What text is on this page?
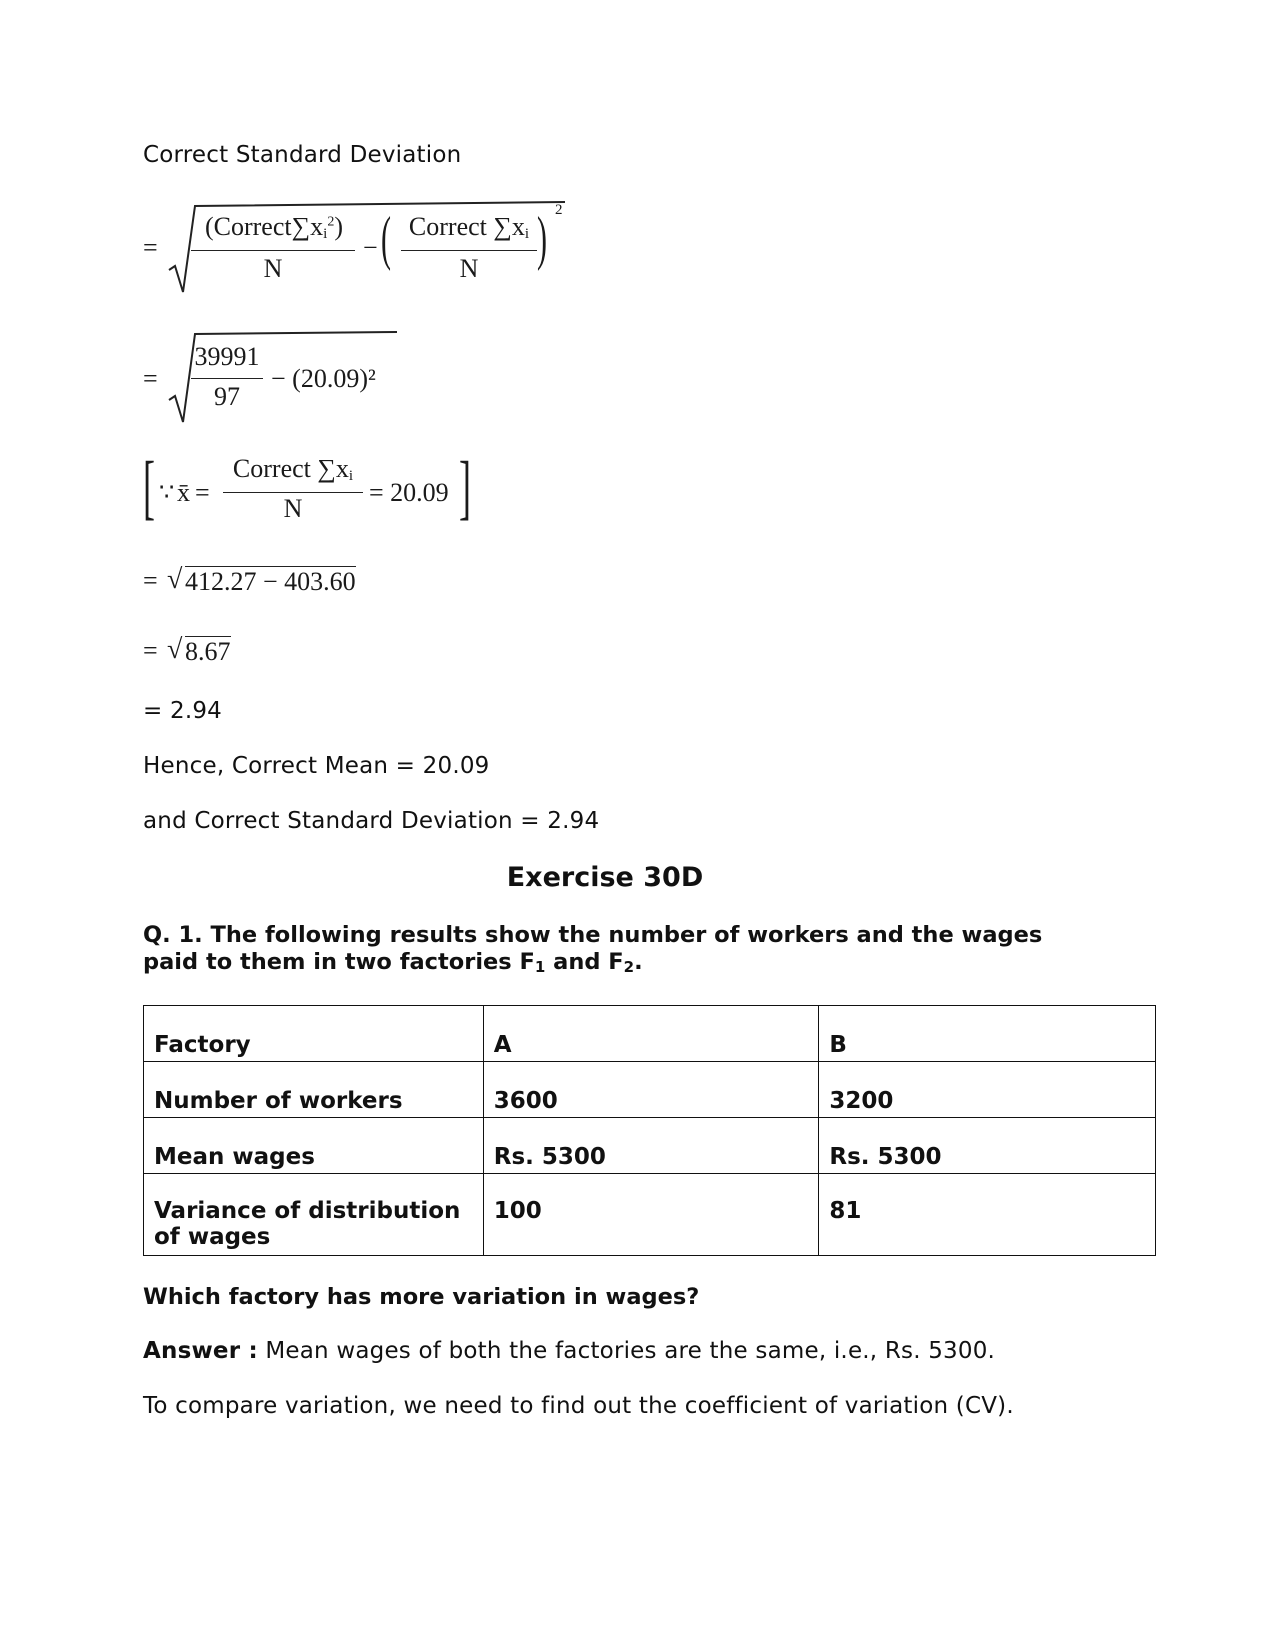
Correct Standard Deviation
=
$(Correct\sum x_i^2)$
N
− ( Correct $\sum x_i$
N ) 2
=
39991
97
− (20.09)²
[ ∵ x̄ =
Correct $\sum x_i$
N
= 20.09 ]
= √ 412.27 − 403.60
= √ 8.67
= 2.94
Hence, Correct Mean = 20.09
and Correct Standard Deviation = 2.94
Exercise 30D
Q. 1. The following results show the number of workers and the wages paid to them in two factories $F_1$ and $F_2$.
Factory	A	B
Number of workers	3600	3200
Mean wages	Rs. 5300	Rs. 5300
Variance of distribution of wages	100	81
Which factory has more variation in wages?
Answer : Mean wages of both the factories are the same, i.e., Rs. 5300.
To compare variation, we need to find out the coefficient of variation (CV).
